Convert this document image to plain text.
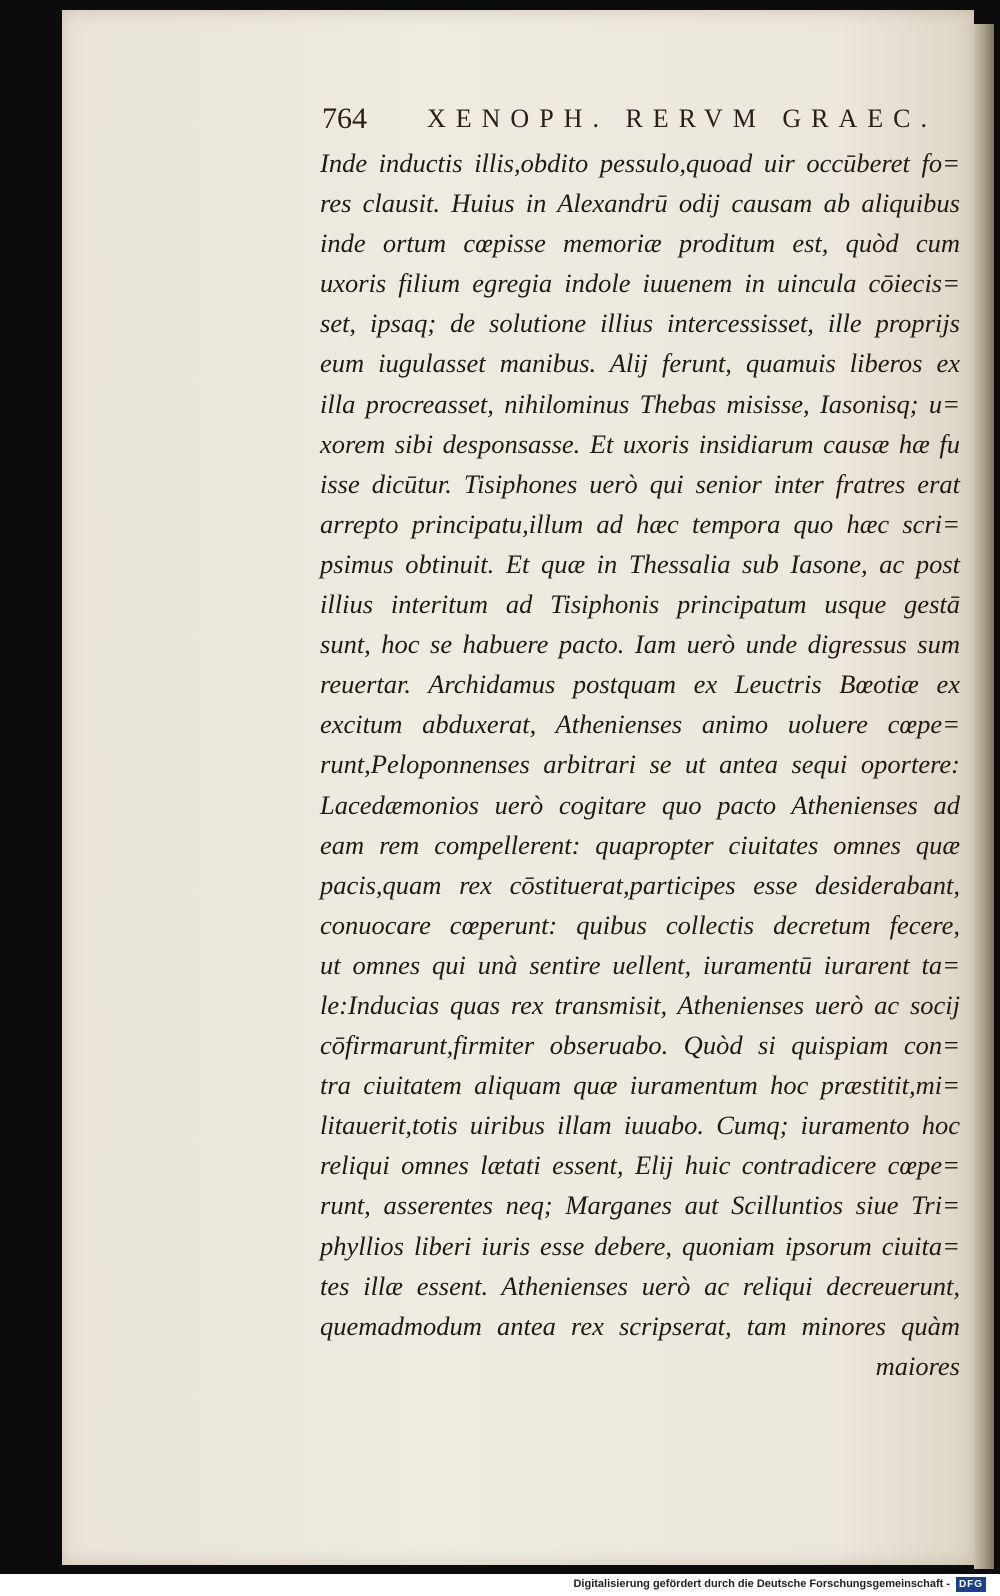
764 XENOPH. RERVM GRAEC.
Inde inductis illis,obdito pessulo,quoad uir occūberet fo=
res clausit. Huius in Alexandrū odij causam ab aliquibus
inde ortum cœpisse memoriæ proditum est, quòd cum
uxoris filium egregia indole iuuenem in uincula cōiecis=
set, ipsaq; de solutione illius intercessisset, ille proprijs
eum iugulasset manibus. Alij ferunt, quamuis liberos ex
illa procreasset, nihilominus Thebas misisse, Iasonisq; u=
xorem sibi desponsasse. Et uxoris insidiarum causæ hæ fu
isse dicūtur. Tisiphones uerò qui senior inter fratres erat
arrepto principatu,illum ad hæc tempora quo hæc scri=
psimus obtinuit. Et quæ in Thessalia sub Iasone, ac post
illius interitum ad Tisiphonis principatum usque gestā
sunt, hoc se habuere pacto. Iam uerò unde digressus sum
reuertar. Archidamus postquam ex Leuctris Bœotiæ ex
excitum abduxerat, Athenienses animo uoluere cœpe=
runt,Peloponnenses arbitrari se ut antea sequi oportere:
Lacedæmonios uerò cogitare quo pacto Athenienses ad
eam rem compellerent: quapropter ciuitates omnes quæ
pacis,quam rex cōstituerat,participes esse desiderabant,
conuocare cœperunt: quibus collectis decretum fecere,
ut omnes qui unà sentire uellent, iuramentū iurarent ta=
le:Inducias quas rex transmisit, Athenienses uerò ac socij
cōfirmarunt,firmiter obseruabo. Quòd si quispiam con=
tra ciuitatem aliquam quæ iuramentum hoc præstitit,mi=
litauerit,totis uiribus illam iuuabo. Cumq; iuramento hoc
reliqui omnes lætati essent, Elij huic contradicere cœpe=
runt, asserentes neq; Marganes aut Scilluntios siue Tri=
phyllios liberi iuris esse debere, quoniam ipsorum ciuita=
tes illæ essent. Athenienses uerò ac reliqui decreuerunt,
quemadmodum antea rex scripserat, tam minores quàm
maiores
Digitalisierung gefördert durch die Deutsche Forschungsgemeinschaft - DFG
